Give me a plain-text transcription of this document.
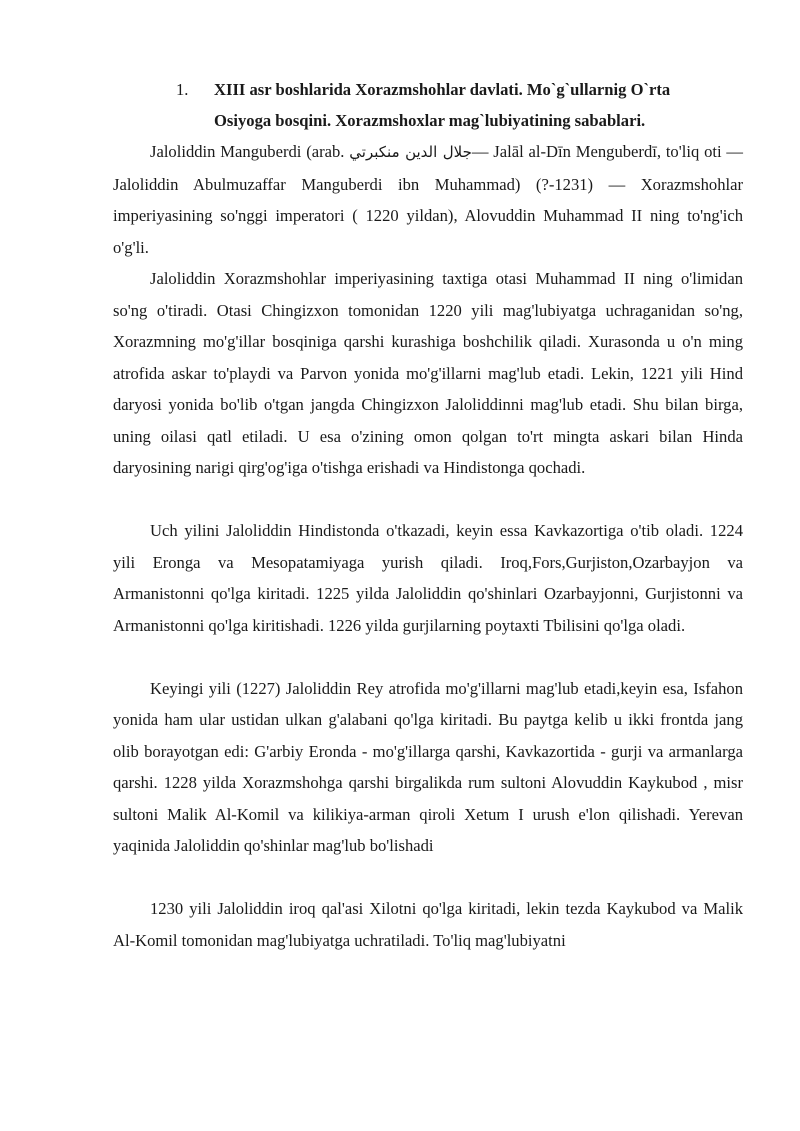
1.	XIII asr boshlarida Xorazmshohlar davlati. Mo`g`ullarnig O`rta
Osiyoga bosqini. Xorazmshoxlar mag`lubiyatining sabablari.

Jaloliddin Manguberdi (arab. جلال الدين منكبرتي— Jalāl al-Dīn Menguberdī, to'liq oti — Jaloliddin Abulmuzaffar Manguberdi ibn Muhammad) (?-1231) — Xorazmshohlar imperiyasining so'nggi imperatori ( 1220 yildan), Alovuddin Muhammad II ning to'ng'ich o'g'li.

Jaloliddin Xorazmshohlar imperiyasining taxtiga otasi Muhammad II ning o'limidan so'ng o'tiradi. Otasi Chingizxon tomonidan 1220 yili mag'lubiyatga uchraganidan so'ng, Xorazmning mo'g'illar bosqiniga qarshi kurashiga boshchilik qiladi. Xurasonda u o'n ming atrofida askar to'playdi va Parvon yonida mo'g'illarni mag'lub etadi. Lekin, 1221 yili Hind daryosi yonida bo'lib o'tgan jangda Chingizxon Jaloliddinni mag'lub etadi. Shu bilan birga, uning oilasi qatl etiladi. U esa o'zining omon qolgan to'rt mingta askari bilan Hinda daryosining narigi qirg'og'iga o'tishga erishadi va Hindistonga qochadi.

Uch yilini Jaloliddin Hindistonda o'tkazadi, keyin essa Kavkazortiga o'tib oladi. 1224 yili Eronga va Mesopatamiyaga yurish qiladi. Iroq,Fors,Gurjiston,Ozarbayjon va Armanistonni qo'lga kiritadi. 1225 yilda Jaloliddin qo'shinlari Ozarbayjonni, Gurjistonni va Armanistonni qo'lga kiritishadi. 1226 yilda gurjilarning poytaxti Tbilisini qo'lga oladi.

Keyingi yili (1227) Jaloliddin Rey atrofida mo'g'illarni mag'lub etadi,keyin esa, Isfahon yonida ham ular ustidan ulkan g'alabani qo'lga kiritadi. Bu paytga kelib u ikki frontda jang olib borayotgan edi: G'arbiy Eronda - mo'g'illarga qarshi, Kavkazortida - gurji va armanlarga qarshi. 1228 yilda Xorazmshohga qarshi birgalikda rum sultoni Alovuddin Kaykubod , misr sultoni Malik Al-Komil va kilikiya-arman qiroli Xetum I urush e'lon qilishadi. Yerevan yaqinida Jaloliddin qo'shinlar mag'lub bo'lishadi

1230 yili Jaloliddin iroq qal'asi Xilotni qo'lga kiritadi, lekin tezda Kaykubod va Malik Al-Komil tomonidan mag'lubiyatga uchratiladi. To'liq mag'lubiyatni
